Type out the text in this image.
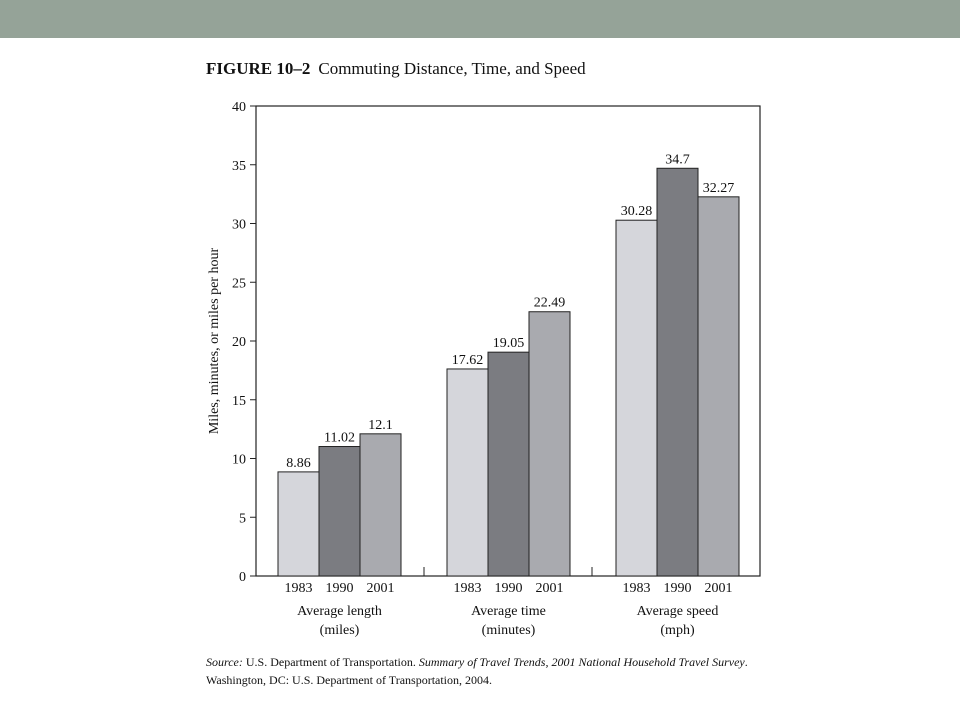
FIGURE 10–2 Commuting Distance, Time, and Speed
0
5
10
15
20
25
30
35
40
Miles, minutes, or miles per hour
8.86
1983
11.02
1990
12.1
2001
Average length
(miles)
17.62
1983
19.05
1990
22.49
2001
Average time
(minutes)
30.28
1983
34.7
1990
32.27
2001
Average speed
(mph)
Source: U.S. Department of Transportation. Summary of Travel Trends, 2001 National Household Travel Survey. Washington, DC: U.S. Department of Transportation, 2004.
